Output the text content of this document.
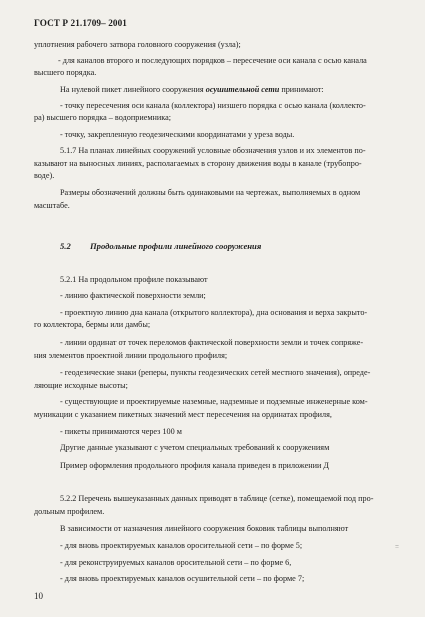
ГОСТ Р 21.1709– 2001
уплотнения рабочего затвора головного сооружения (узла);
- для каналов второго и последующих порядков – пересечение оси канала с осью канала
высшего порядка.
На нулевой пикет линейного сооружения осушительной сети принимают:
- точку пересечения оси канала (коллектора) низшего порядка с осью канала (коллекто-
ра) высшего порядка – водоприемника;
- точку, закрепленную геодезическими координатами у уреза воды.
5.1.7 На планах линейных сооружений условные обозначения узлов и их элементов по-
казывают на выносных линиях, располагаемых в сторону движения воды в канале (трубопро-
воде).
Размеры обозначений должны быть одинаковыми на чертежах, выполняемых в одном
масштабе.
5.2 Продольные профили линейного сооружения
5.2.1 На продольном профиле показывают
- линию фактической поверхности земли;
- проектную линию дна канала (открытого коллектора), дна основания и верха закрыто-
го коллектора, бермы или дамбы;
- линии ординат от точек переломов фактической поверхности земли и точек сопряже-
ния элементов проектной линии продольного профиля;
- геодезические знаки (реперы, пункты геодезических сетей местного значения), опреде-
ляющие исходные высоты;
- существующие и проектируемые наземные, надземные и подземные инженерные ком-
муникации с указанием пикетных значений мест пересечения на ординатах профиля,
- пикеты принимаются через 100 м
Другие данные указывают с учетом специальных требований к сооружениям
Пример оформления продольного профиля канала приведен в приложении Д
5.2.2 Перечень вышеуказанных данных приводят в таблице (сетке), помещаемой под про-
дольным профилем.
В зависимости от назначения линейного сооружения боковик таблицы выполняют
- для вновь проектируемых каналов оросительной сети – по форме 5;
- для реконструируемых каналов оросительной сети – по форме 6,
- для вновь проектируемых каналов осушительной сети – по форме 7;
=
10
